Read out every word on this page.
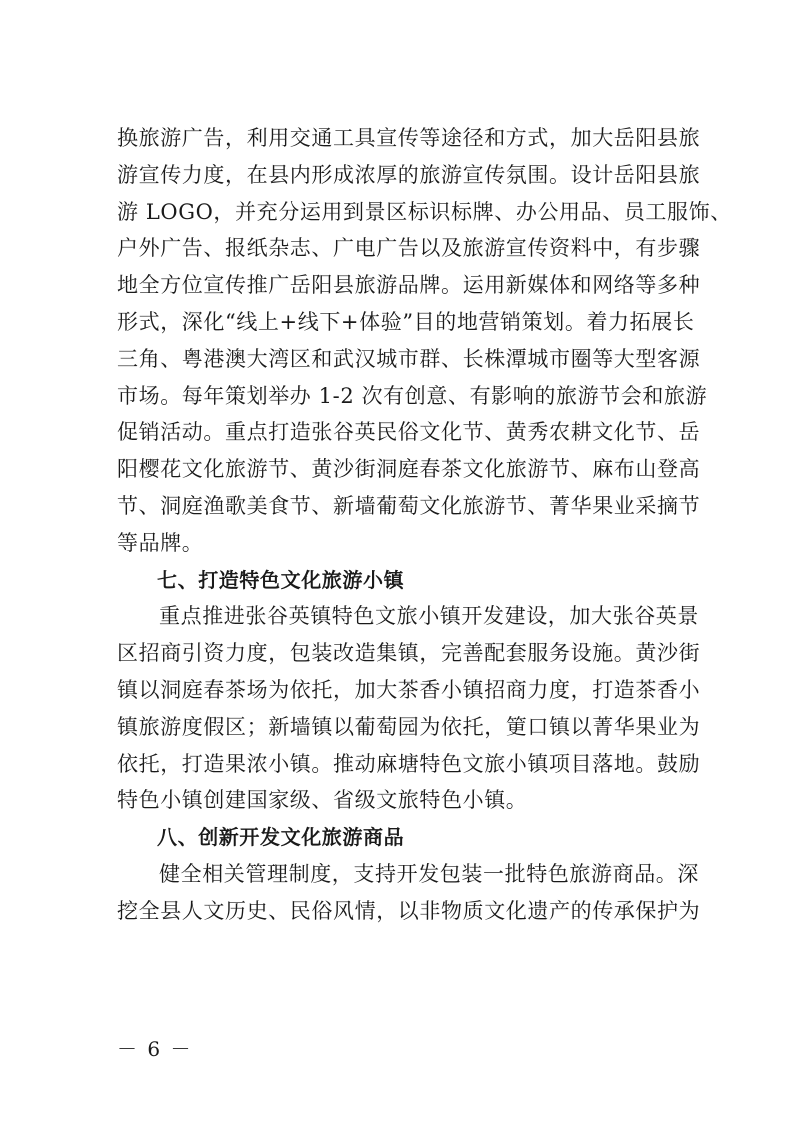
换旅游广告，利用交通工具宣传等途径和方式，加大岳阳县旅
游宣传力度，在县内形成浓厚的旅游宣传氛围。设计岳阳县旅
游 LOGO，并充分运用到景区标识标牌、办公用品、员工服饰、
户外广告、报纸杂志、广电广告以及旅游宣传资料中，有步骤
地全方位宣传推广岳阳县旅游品牌。运用新媒体和网络等多种
形式，深化“线上+线下+体验”目的地营销策划。着力拓展长
三角、粤港澳大湾区和武汉城市群、长株潭城市圈等大型客源
市场。每年策划举办 1-2 次有创意、有影响的旅游节会和旅游
促销活动。重点打造张谷英民俗文化节、黄秀农耕文化节、岳
阳樱花文化旅游节、黄沙街洞庭春茶文化旅游节、麻布山登高
节、洞庭渔歌美食节、新墙葡萄文化旅游节、菁华果业采摘节
等品牌。

七、打造特色文化旅游小镇

重点推进张谷英镇特色文旅小镇开发建设，加大张谷英景
区招商引资力度，包装改造集镇，完善配套服务设施。黄沙街
镇以洞庭春茶场为依托，加大茶香小镇招商力度，打造茶香小
镇旅游度假区；新墙镇以葡萄园为依托，筻口镇以菁华果业为
依托，打造果浓小镇。推动麻塘特色文旅小镇项目落地。鼓励
特色小镇创建国家级、省级文旅特色小镇。

八、创新开发文化旅游商品

健全相关管理制度，支持开发包装一批特色旅游商品。深
挖全县人文历史、民俗风情，以非物质文化遗产的传承保护为

－ 6 －
